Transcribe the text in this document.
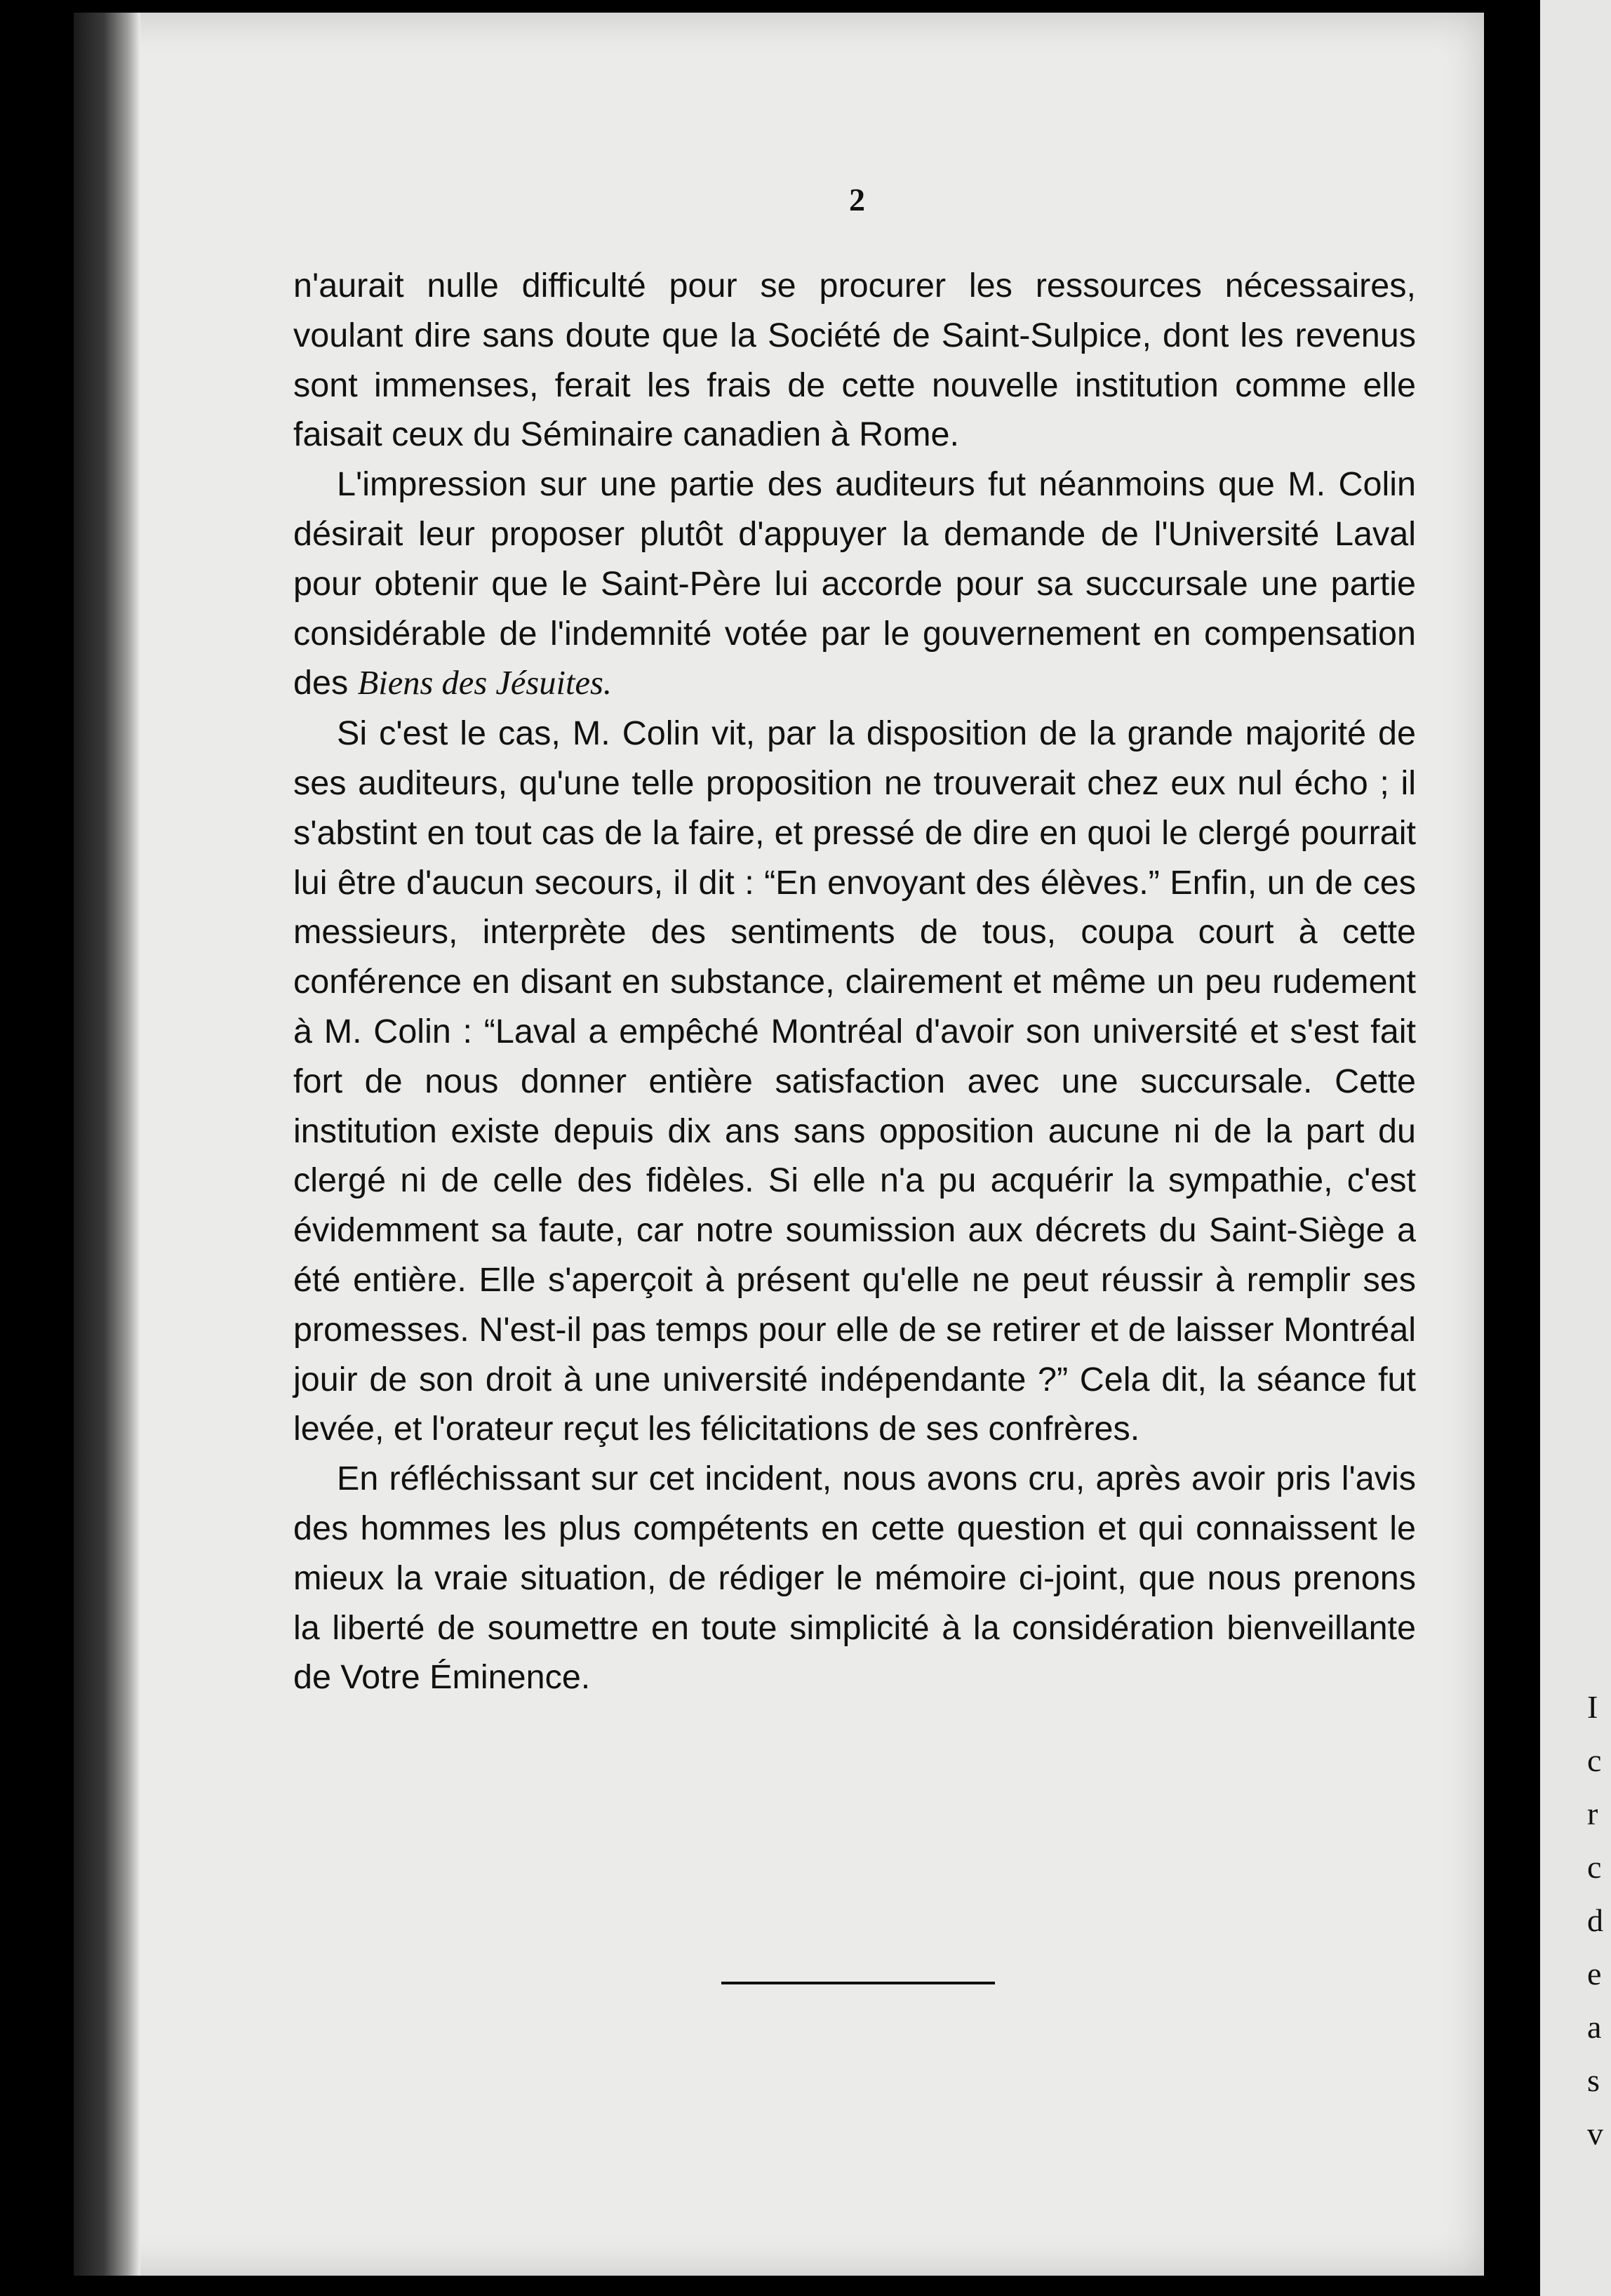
I
c
r
c
d
e
a
s
v
2

n'aurait nulle difficulté pour se procurer les ressources nécessaires, voulant dire sans doute que la Société de Saint-Sulpice, dont les revenus sont immenses, ferait les frais de cette nouvelle institution comme elle faisait ceux du Séminaire canadien à Rome.

L'impression sur une partie des auditeurs fut néanmoins que M. Colin désirait leur proposer plutôt d'appuyer la demande de l'Université Laval pour obtenir que le Saint-Père lui accorde pour sa succursale une partie considérable de l'indemnité votée par le gouvernement en compensation des Biens des Jésuites.

Si c'est le cas, M. Colin vit, par la disposition de la grande majorité de ses auditeurs, qu'une telle proposition ne trouverait chez eux nul écho ; il s'abstint en tout cas de la faire, et pressé de dire en quoi le clergé pourrait lui être d'aucun secours, il dit : “En envoyant des élèves.” Enfin, un de ces messieurs, interprète des sentiments de tous, coupa court à cette conférence en disant en substance, clairement et même un peu rudement à M. Colin : “Laval a empêché Montréal d'avoir son université et s'est fait fort de nous donner entière satisfaction avec une succursale. Cette institution existe depuis dix ans sans opposition aucune ni de la part du clergé ni de celle des fidèles. Si elle n'a pu acquérir la sympathie, c'est évidemment sa faute, car notre soumission aux décrets du Saint-Siège a été entière. Elle s'aperçoit à présent qu'elle ne peut réussir à remplir ses promesses. N'est-il pas temps pour elle de se retirer et de laisser Montréal jouir de son droit à une université indépendante ?” Cela dit, la séance fut levée, et l'orateur reçut les félicitations de ses confrères.

En réfléchissant sur cet incident, nous avons cru, après avoir pris l'avis des hommes les plus compétents en cette question et qui connaissent le mieux la vraie situation, de rédiger le mémoire ci-joint, que nous prenons la liberté de soumettre en toute simplicité à la considération bienveillante de Votre Éminence.
